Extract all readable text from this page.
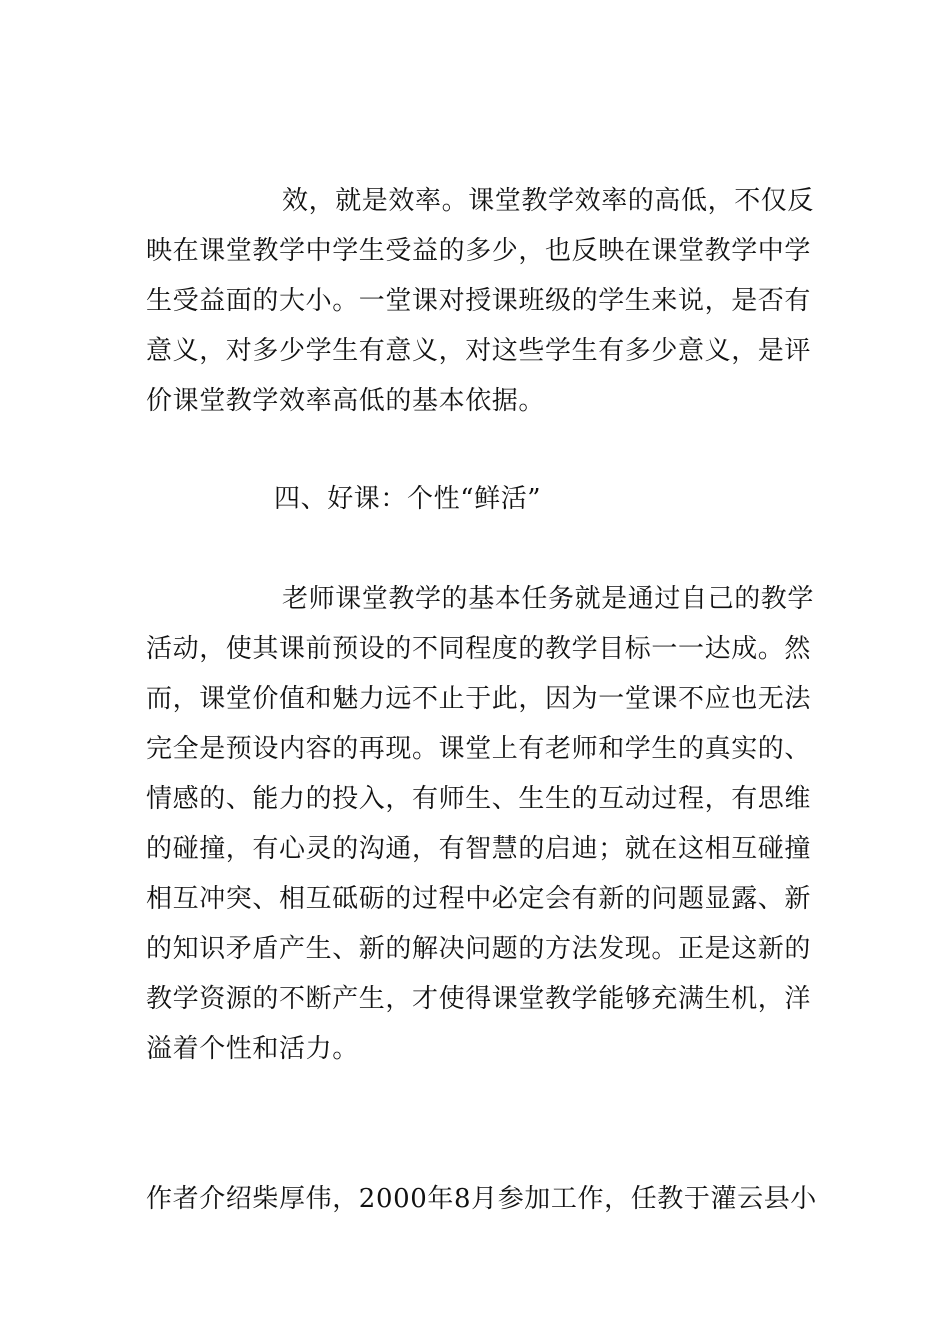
效，就是效率。课堂教学效率的高低，不仅反
映在课堂教学中学生受益的多少，也反映在课堂教学中学
生受益面的大小。一堂课对授课班级的学生来说，是否有
意义，对多少学生有意义，对这些学生有多少意义，是评
价课堂教学效率高低的基本依据。
四、好课：个性“鲜活”
老师课堂教学的基本任务就是通过自己的教学
活动，使其课前预设的不同程度的教学目标一一达成。然
而，课堂价值和魅力远不止于此，因为一堂课不应也无法
完全是预设内容的再现。课堂上有老师和学生的真实的、
情感的、能力的投入，有师生、生生的互动过程，有思维
的碰撞，有心灵的沟通，有智慧的启迪；就在这相互碰撞
相互冲突、相互砥砺的过程中必定会有新的问题显露、新
的知识矛盾产生、新的解决问题的方法发现。正是这新的
教学资源的不断产生，才使得课堂教学能够充满生机，洋
溢着个性和活力。
作者介绍柴厚伟，2000年8月参加工作，任教于灌云县小
